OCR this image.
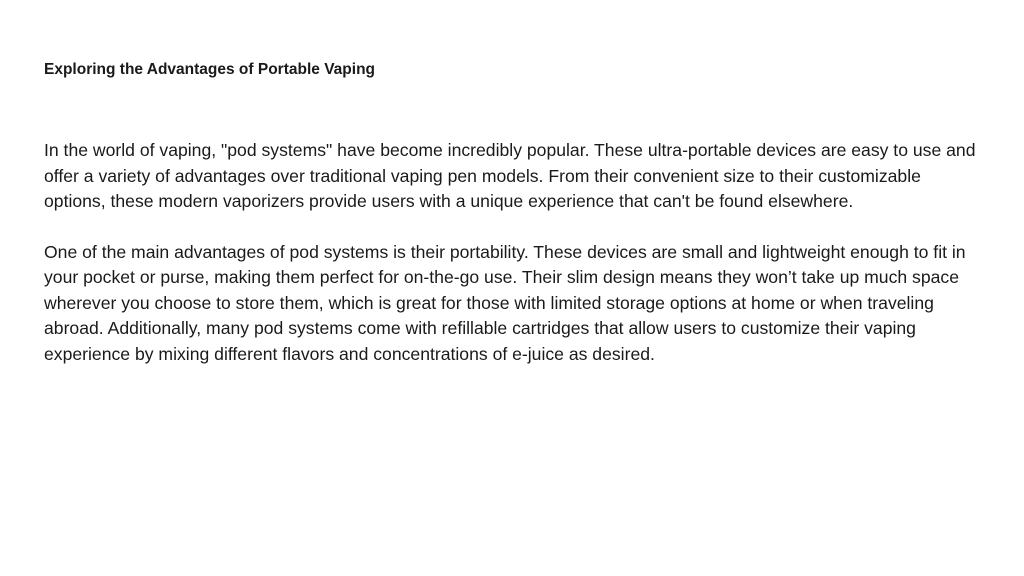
Exploring the Advantages of Portable Vaping

In the world of vaping, "pod systems" have become incredibly popular. These ultra-portable devices are easy to use and offer a variety of advantages over traditional vaping pen models. From their convenient size to their customizable options, these modern vaporizers provide users with a unique experience that can't be found elsewhere.

One of the main advantages of pod systems is their portability. These devices are small and lightweight enough to fit in your pocket or purse, making them perfect for on-the-go use. Their slim design means they won’t take up much space wherever you choose to store them, which is great for those with limited storage options at home or when traveling abroad. Additionally, many pod systems come with refillable cartridges that allow users to customize their vaping experience by mixing different flavors and concentrations of e-juice as desired.
